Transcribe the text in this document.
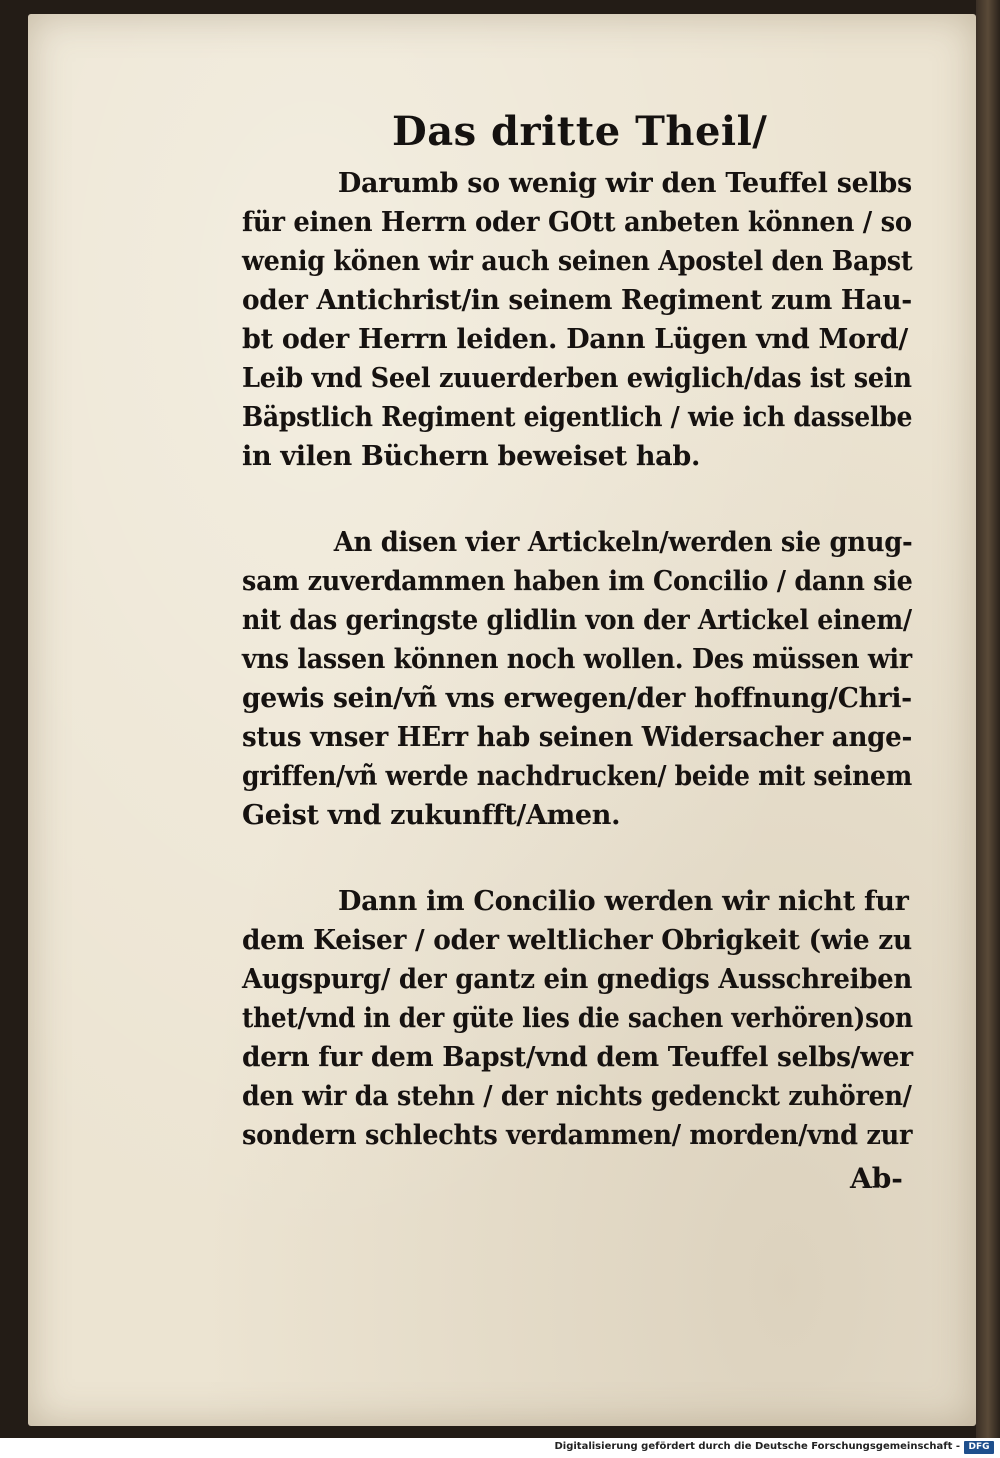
Das dritte Theil/
Darumb so wenig wir den Teuffel selbs
für einen Herrn oder GOtt anbeten können / so
wenig könen wir auch seinen Apostel den Bapst
oder Antichrist/in seinem Regiment zum Hau-
bt oder Herrn leiden. Dann Lügen vnd Mord/
Leib vnd Seel zuuerderben ewiglich/das ist sein
Bäpstlich Regiment eigentlich / wie ich dasselbe
in vilen Büchern beweiset hab.
An disen vier Artickeln/werden sie gnug-
sam zuverdammen haben im Concilio / dann sie
nit das geringste glidlin von der Artickel einem/
vns lassen können noch wollen. Des müssen wir
gewis sein/vñ vns erwegen/der hoffnung/Chri-
stus vnser HErr hab seinen Widersacher ange-
griffen/vñ werde nachdrucken/ beide mit seinem
Geist vnd zukunfft/Amen.
Dann im Concilio werden wir nicht fur
dem Keiser / oder weltlicher Obrigkeit (wie zu
Augspurg/ der gantz ein gnedigs Ausschreiben
thet/vnd in der güte lies die sachen verhören)son
dern fur dem Bapst/vnd dem Teuffel selbs/wer
den wir da stehn / der nichts gedenckt zuhören/
sondern schlechts verdammen/ morden/vnd zur
Ab-
Digitalisierung gefördert durch die Deutsche Forschungsgemeinschaft - DFG
